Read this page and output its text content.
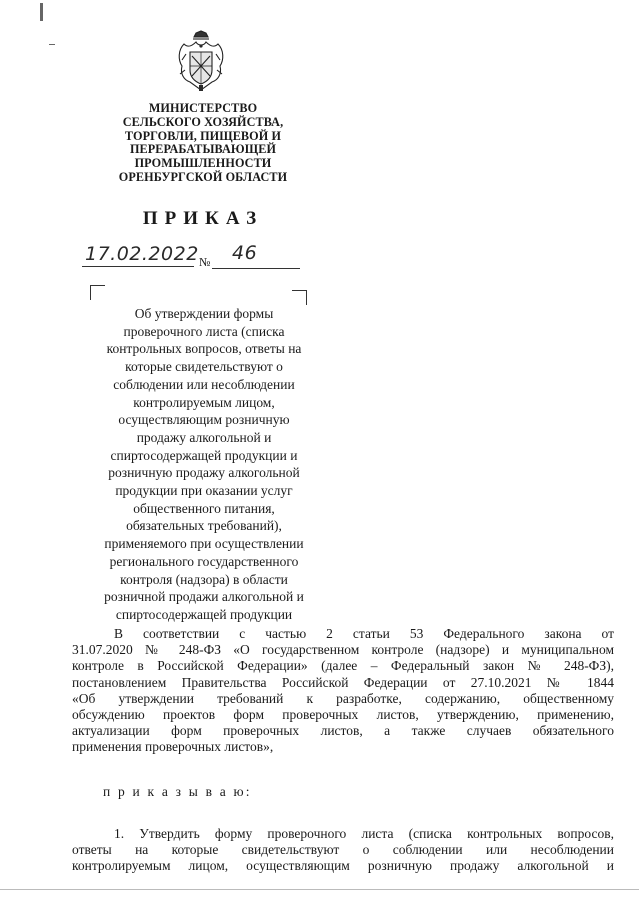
МИНИСТЕРСТВО
СЕЛЬСКОГО ХОЗЯЙСТВА,
ТОРГОВЛИ, ПИЩЕВОЙ И
ПЕРЕРАБАТЫВАЮЩЕЙ
ПРОМЫШЛЕННОСТИ
ОРЕНБУРГСКОЙ ОБЛАСТИ
ПРИКАЗ
17.02.2022 № 46
Об утверждении формы
проверочного листа (списка
контрольных вопросов, ответы на
которые свидетельствуют о
соблюдении или несоблюдении
контролируемым лицом,
осуществляющим розничную
продажу алкогольной и
спиртосодержащей продукции и
розничную продажу алкогольной
продукции при оказании услуг
общественного питания,
обязательных требований),
применяемого при осуществлении
регионального государственного
контроля (надзора) в области
розничной продажи алкогольной и
спиртосодержащей продукции
В соответствии с частью 2 статьи 53 Федерального закона от
31.07.2020 № 248-ФЗ «О государственном контроле (надзоре) и муниципальном
контроле в Российской Федерации» (далее – Федеральный закон № 248-ФЗ),
постановлением Правительства Российской Федерации от 27.10.2021 № 1844
«Об утверждении требований к разработке, содержанию, общественному
обсуждению проектов форм проверочных листов, утверждению, применению,
актуализации форм проверочных листов, а также случаев обязательного
применения проверочных листов»,
п р и к а з ы в а ю:
1. Утвердить форму проверочного листа (списка контрольных вопросов,
ответы на которые свидетельствуют о соблюдении или несоблюдении
контролируемым лицом, осуществляющим розничную продажу алкогольной и
